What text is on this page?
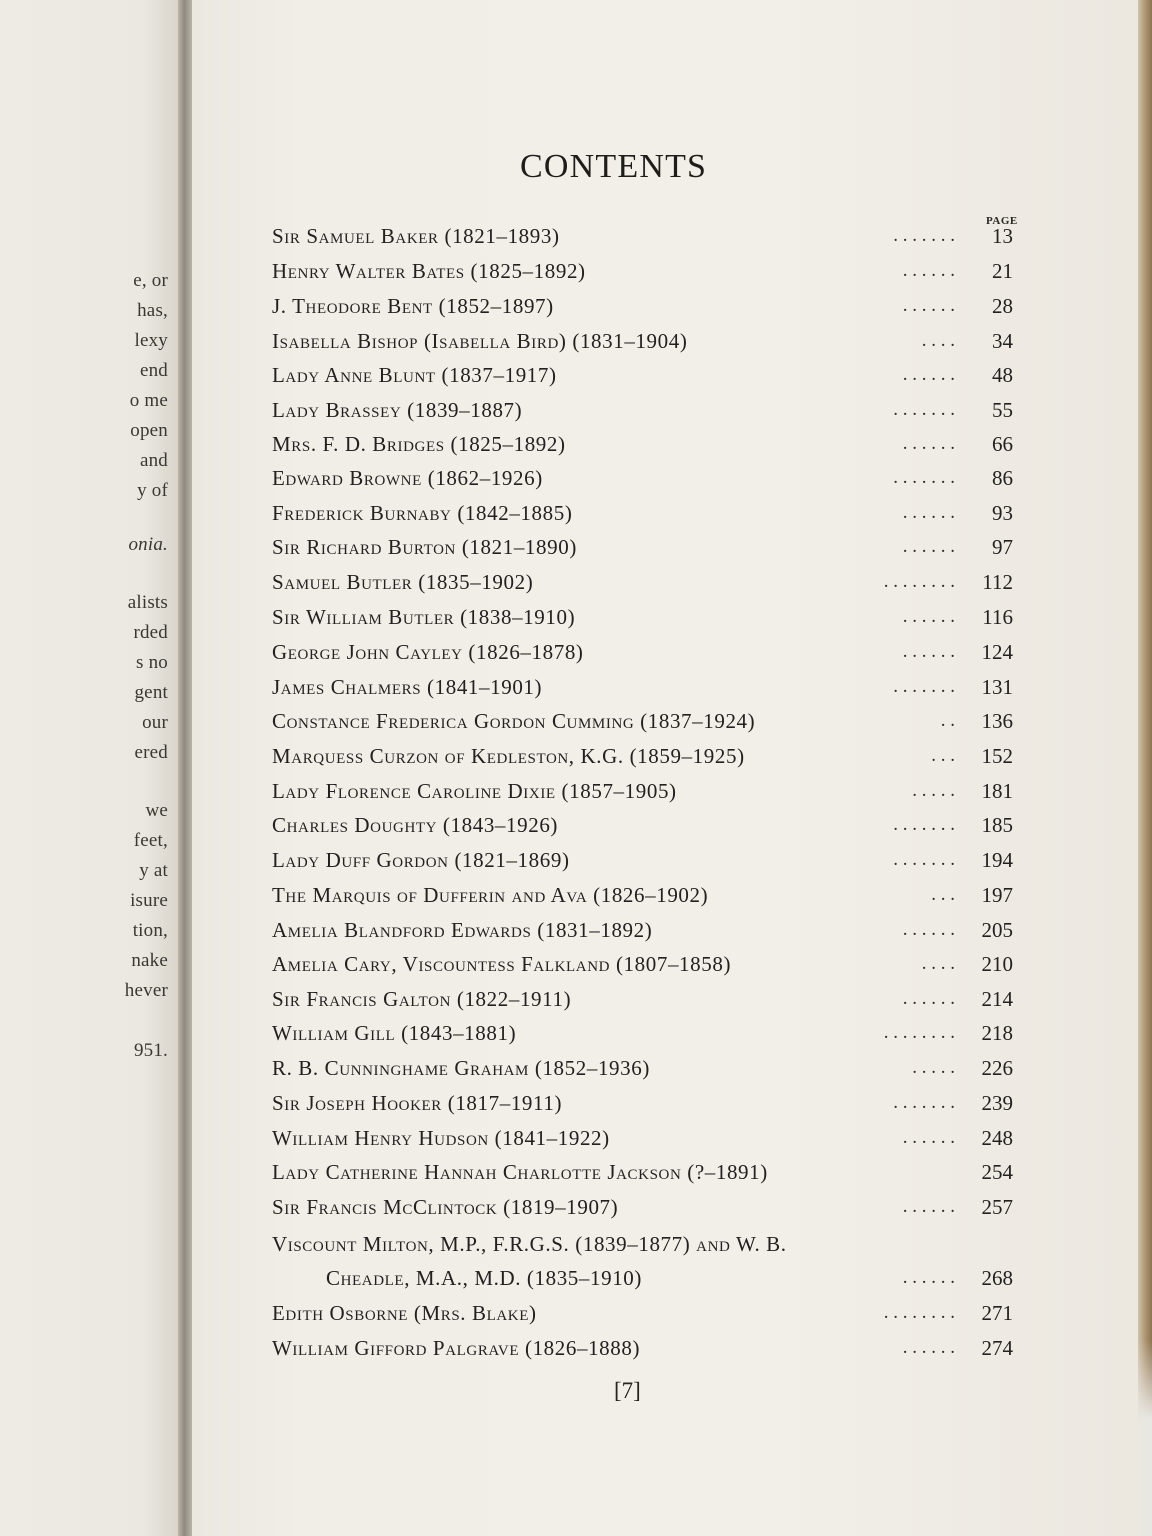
e, or
has,
lexy
end
o me
open
and
y of
onia.
alists
rded
s no
gent
our
ered
we
feet,
y at
isure
tion,
nake
hever
951.
CONTENTS
PAGE
Sir Samuel Baker (1821–1893)	. . . . . . .	13
Henry Walter Bates (1825–1892)	. . . . . .	21
J. Theodore Bent (1852–1897)	. . . . . .	28
Isabella Bishop (Isabella Bird) (1831–1904)	. . . .	34
Lady Anne Blunt (1837–1917)	. . . . . .	48
Lady Brassey (1839–1887)	. . . . . . .	55
Mrs. F. D. Bridges (1825–1892)	. . . . . .	66
Edward Browne (1862–1926)	. . . . . . .	86
Frederick Burnaby (1842–1885)	. . . . . .	93
Sir Richard Burton (1821–1890)	. . . . . .	97
Samuel Butler (1835–1902)	. . . . . . . .	112
Sir William Butler (1838–1910)	. . . . . .	116
George John Cayley (1826–1878)	. . . . . .	124
James Chalmers (1841–1901)	. . . . . . .	131
Constance Frederica Gordon Cumming (1837–1924)	. .	136
Marquess Curzon of Kedleston, K.G. (1859–1925)	. . .	152
Lady Florence Caroline Dixie (1857–1905)	. . . . .	181
Charles Doughty (1843–1926)	. . . . . . .	185
Lady Duff Gordon (1821–1869)	. . . . . . .	194
The Marquis of Dufferin and Ava (1826–1902)	. . .	197
Amelia Blandford Edwards (1831–1892)	. . . . . .	205
Amelia Cary, Viscountess Falkland (1807–1858)	. . . .	210
Sir Francis Galton (1822–1911)	. . . . . .	214
William Gill (1843–1881)	. . . . . . . .	218
R. B. Cunninghame Graham (1852–1936)	. . . . .	226
Sir Joseph Hooker (1817–1911)	. . . . . . .	239
William Henry Hudson (1841–1922)	. . . . . .	248
Lady Catherine Hannah Charlotte Jackson (?–1891)	254
Sir Francis McClintock (1819–1907)	. . . . . .	257
Viscount Milton, M.P., F.R.G.S. (1839–1877) and W. B.
Cheadle, M.A., M.D. (1835–1910)	. . . . . .	268
Edith Osborne (Mrs. Blake)	. . . . . . . .	271
William Gifford Palgrave (1826–1888)	. . . . . .	274
[7]
